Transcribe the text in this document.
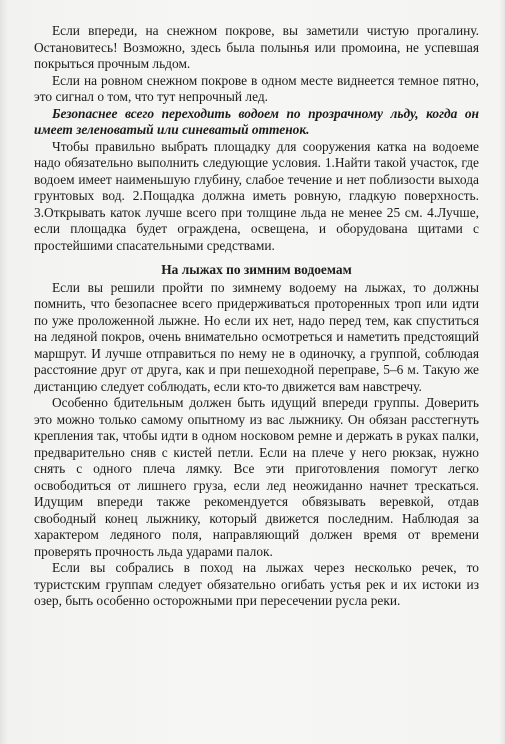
Если впереди, на снежном покрове, вы заметили чистую прогалину. Остановитесь! Возможно, здесь была полынья или промоина, не успевшая покрыться прочным льдом.

Если на ровном снежном покрове в одном месте виднеется темное пятно, это сигнал о том, что тут непрочный лед.

Безопаснее всего переходить водоем по прозрачному льду, когда он имеет зеленоватый или синеватый оттенок.

Чтобы правильно выбрать площадку для сооружения катка на водоеме надо обязательно выполнить следующие условия. 1.Найти такой участок, где водоем имеет наименьшую глубину, слабое течение и нет поблизости выхода грунтовых вод. 2.Пощадка должна иметь ровную, гладкую поверхность. 3.Открывать каток лучше всего при толщине льда не менее 25 см. 4.Лучше, если площадка будет ограждена, освещена, и оборудована щитами с простейшими спасательными средствами.

На лыжах по зимним водоемам

Если вы решили пройти по зимнему водоему на лыжах, то должны помнить, что безопаснее всего придерживаться проторенных троп или идти по уже проложенной лыжне. Но если их нет, надо перед тем, как спуститься на ледяной покров, очень внимательно осмотреться и наметить предстоящий маршрут. И лучше отправиться по нему не в одиночку, а группой, соблюдая расстояние друг от друга, как и при пешеходной переправе, 5–6 м. Такую же дистанцию следует соблюдать, если кто-то движется вам навстречу.

Особенно бдительным должен быть идущий впереди группы. Доверить это можно только самому опытному из вас лыжнику. Он обязан расстегнуть крепления так, чтобы идти в одном носковом ремне и держать в руках палки, предварительно сняв с кистей петли. Если на плече у него рюкзак, нужно снять с одного плеча лямку. Все эти приготовления помогут легко освободиться от лишнего груза, если лед неожиданно начнет трескаться. Идущим впереди также рекомендуется обвязывать веревкой, отдав свободный конец лыжнику, который движется последним. Наблюдая за характером ледяного поля, направляющий должен время от времени проверять прочность льда ударами палок.

Если вы собрались в поход на лыжах через несколько речек, то туристским группам следует обязательно огибать устья рек и их истоки из озер, быть особенно осторожными при пересечении русла реки.
